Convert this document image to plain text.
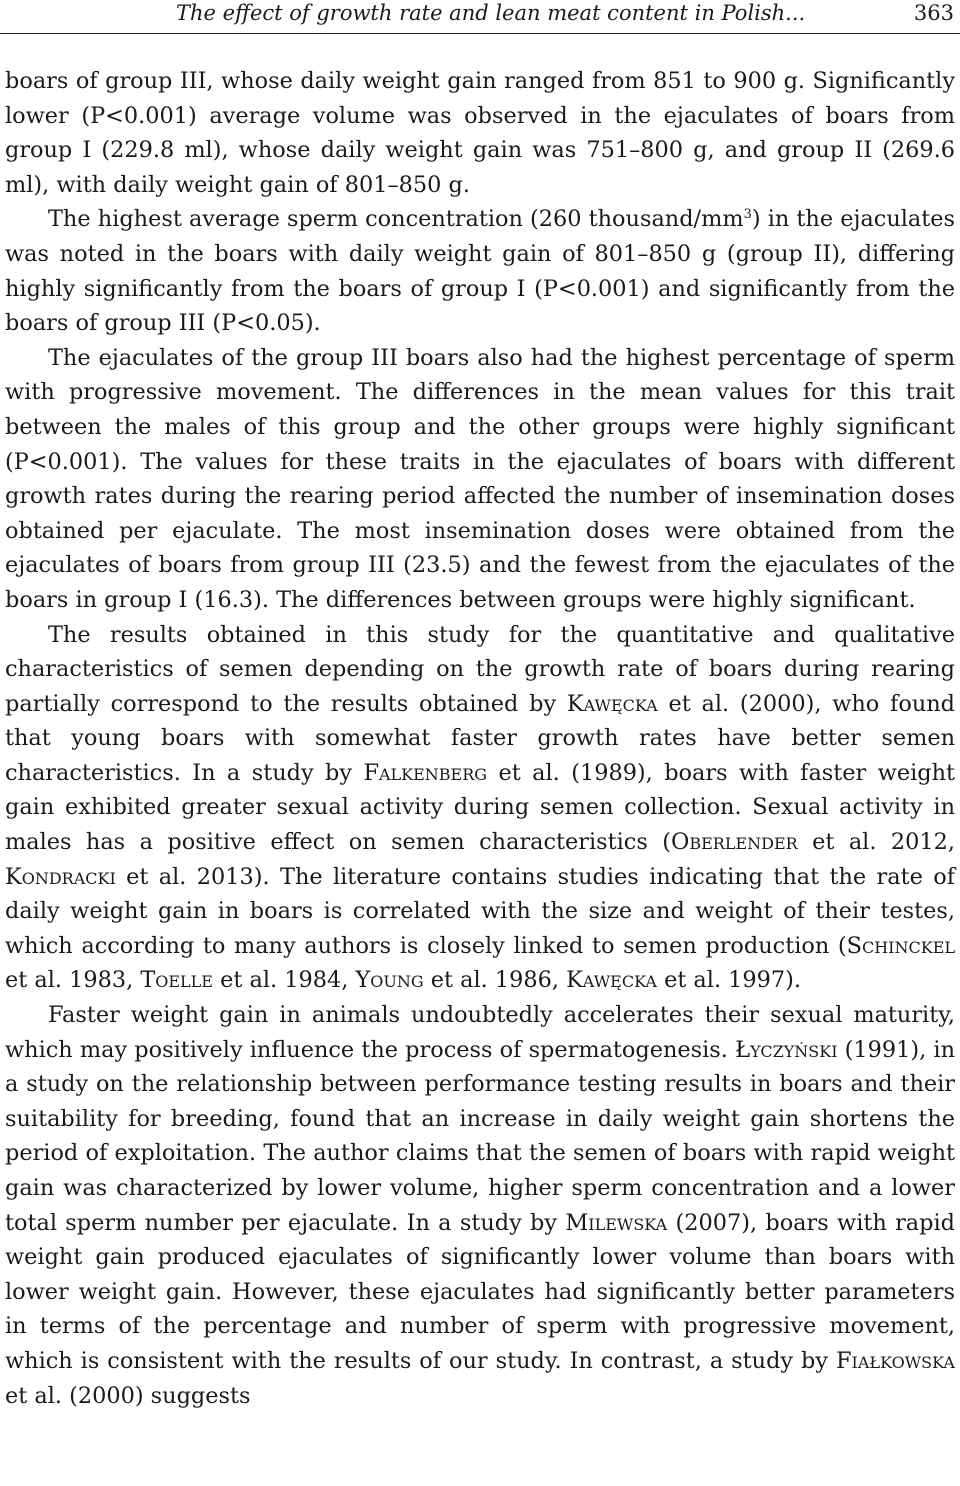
The effect of growth rate and lean meat content in Polish...	363

boars of group III, whose daily weight gain ranged from 851 to 900 g. Significantly lower (P<0.001) average volume was observed in the ejaculates of boars from group I (229.8 ml), whose daily weight gain was 751–800 g, and group II (269.6 ml), with daily weight gain of 801–850 g.

The highest average sperm concentration (260 thousand/$mm^3$) in the ejaculates was noted in the boars with daily weight gain of 801–850 g (group II), differing highly significantly from the boars of group I (P<0.001) and significantly from the boars of group III (P<0.05).

The ejaculates of the group III boars also had the highest percentage of sperm with progressive movement. The differences in the mean values for this trait between the males of this group and the other groups were highly significant (P<0.001). The values for these traits in the ejaculates of boars with different growth rates during the rearing period affected the number of insemination doses obtained per ejaculate. The most insemination doses were obtained from the ejaculates of boars from group III (23.5) and the fewest from the ejaculates of the boars in group I (16.3). The differences between groups were highly significant.

The results obtained in this study for the quantitative and qualitative characteristics of semen depending on the growth rate of boars during rearing partially correspond to the results obtained by Kawęcka et al. (2000), who found that young boars with somewhat faster growth rates have better semen characteristics. In a study by Falkenberg et al. (1989), boars with faster weight gain exhibited greater sexual activity during semen collection. Sexual activity in males has a positive effect on semen characteristics (Oberlender et al. 2012, Kondracki et al. 2013). The literature contains studies indicating that the rate of daily weight gain in boars is correlated with the size and weight of their testes, which according to many authors is closely linked to semen production (Schinckel et al. 1983, Toelle et al. 1984, Young et al. 1986, Kawęcka et al. 1997).

Faster weight gain in animals undoubtedly accelerates their sexual maturity, which may positively influence the process of spermatogenesis. Łyczyński (1991), in a study on the relationship between performance testing results in boars and their suitability for breeding, found that an increase in daily weight gain shortens the period of exploitation. The author claims that the semen of boars with rapid weight gain was characterized by lower volume, higher sperm concentration and a lower total sperm number per ejaculate. In a study by Milewska (2007), boars with rapid weight gain produced ejaculates of significantly lower volume than boars with lower weight gain. However, these ejaculates had significantly better parameters in terms of the percentage and number of sperm with progressive movement, which is consistent with the results of our study. In contrast, a study by Fiałkowska et al. (2000) suggests
